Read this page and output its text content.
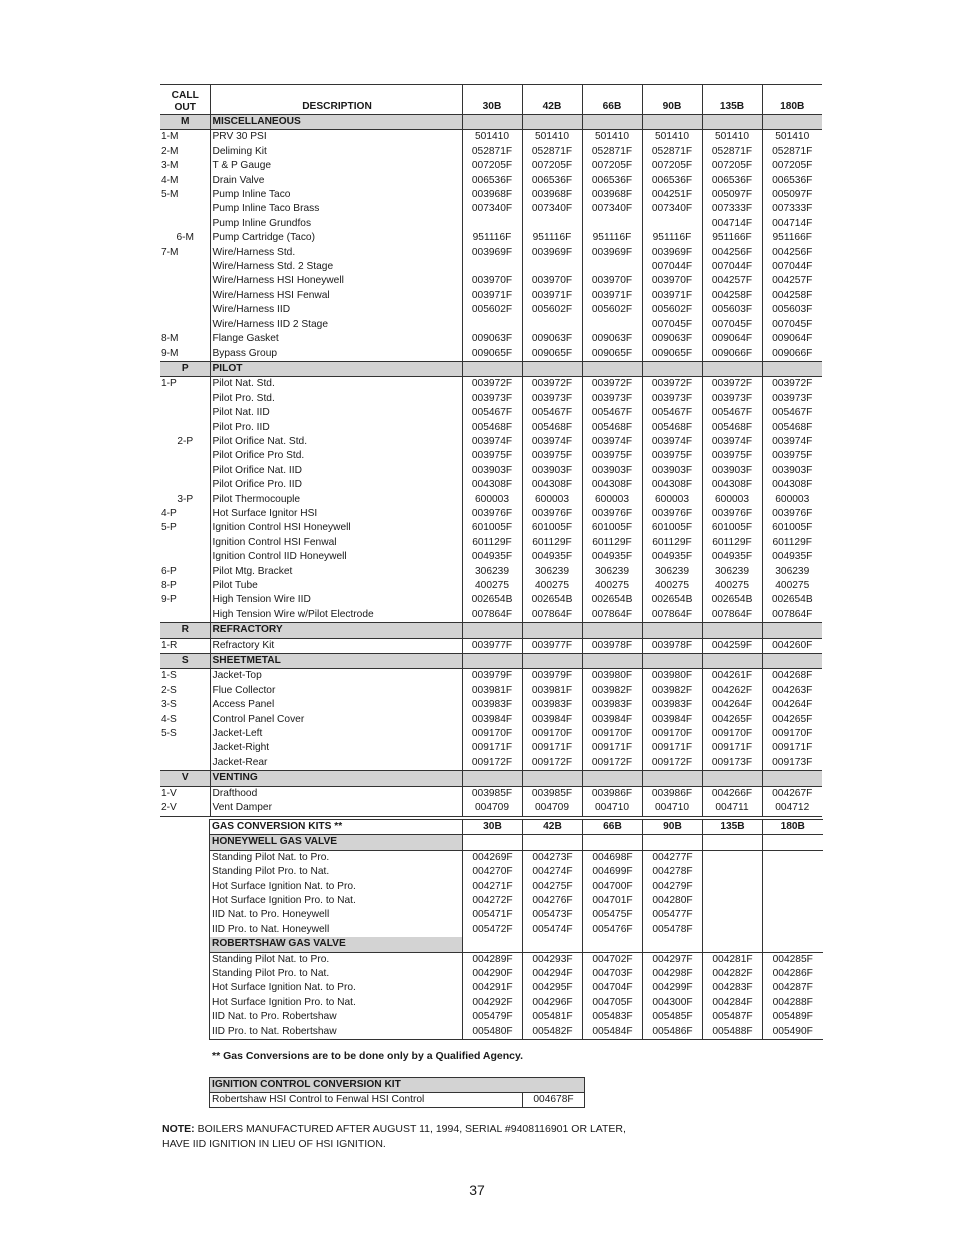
CALL
OUT	DESCRIPTION	30B	42B	66B	90B	135B	180B
M	MISCELLANEOUS						
1-M	PRV 30 PSI	501410	501410	501410	501410	501410	501410
2-M	Deliming Kit	052871F	052871F	052871F	052871F	052871F	052871F
3-M	T & P Gauge	007205F	007205F	007205F	007205F	007205F	007205F
4-M	Drain Valve	006536F	006536F	006536F	006536F	006536F	006536F
5-M	Pump Inline Taco	003968F	003968F	003968F	004251F	005097F	005097F
	Pump Inline Taco Brass	007340F	007340F	007340F	007340F	007333F	007333F
	Pump Inline Grundfos					004714F	004714F
6-M	Pump Cartridge (Taco)	951116F	951116F	951116F	951116F	951166F	951166F
7-M	Wire/Harness Std.	003969F	003969F	003969F	003969F	004256F	004256F
	Wire/Harness Std. 2 Stage				007044F	007044F	007044F
	Wire/Harness HSI Honeywell	003970F	003970F	003970F	003970F	004257F	004257F
	Wire/Harness HSI Fenwal	003971F	003971F	003971F	003971F	004258F	004258F
	Wire/Harness IID	005602F	005602F	005602F	005602F	005603F	005603F
	Wire/Harness IID 2 Stage				007045F	007045F	007045F
8-M	Flange Gasket	009063F	009063F	009063F	009063F	009064F	009064F
9-M	Bypass Group	009065F	009065F	009065F	009065F	009066F	009066F
P	PILOT						
1-P	Pilot Nat. Std.	003972F	003972F	003972F	003972F	003972F	003972F
	Pilot Pro. Std.	003973F	003973F	003973F	003973F	003973F	003973F
	Pilot Nat. IID	005467F	005467F	005467F	005467F	005467F	005467F
	Pilot Pro. IID	005468F	005468F	005468F	005468F	005468F	005468F
2-P	Pilot Orifice Nat. Std.	003974F	003974F	003974F	003974F	003974F	003974F
	Pilot Orifice Pro Std.	003975F	003975F	003975F	003975F	003975F	003975F
	Pilot Orifice Nat. IID	003903F	003903F	003903F	003903F	003903F	003903F
	Pilot Orifice Pro. IID	004308F	004308F	004308F	004308F	004308F	004308F
3-P	Pilot Thermocouple	600003	600003	600003	600003	600003	600003
4-P	Hot Surface Ignitor HSI	003976F	003976F	003976F	003976F	003976F	003976F
5-P	Ignition Control HSI Honeywell	601005F	601005F	601005F	601005F	601005F	601005F
	Ignition Control HSI Fenwal	601129F	601129F	601129F	601129F	601129F	601129F
	Ignition Control IID Honeywell	004935F	004935F	004935F	004935F	004935F	004935F
6-P	Pilot Mtg. Bracket	306239	306239	306239	306239	306239	306239
8-P	Pilot Tube	400275	400275	400275	400275	400275	400275
9-P	High Tension Wire IID	002654B	002654B	002654B	002654B	002654B	002654B
	High Tension Wire w/Pilot Electrode	007864F	007864F	007864F	007864F	007864F	007864F
R	REFRACTORY						
1-R	Refractory Kit	003977F	003977F	003978F	003978F	004259F	004260F
S	SHEETMETAL						
1-S	Jacket-Top	003979F	003979F	003980F	003980F	004261F	004268F
2-S	Flue Collector	003981F	003981F	003982F	003982F	004262F	004263F
3-S	Access Panel	003983F	003983F	003983F	003983F	004264F	004264F
4-S	Control Panel Cover	003984F	003984F	003984F	003984F	004265F	004265F
5-S	Jacket-Left	009170F	009170F	009170F	009170F	009170F	009170F
	Jacket-Right	009171F	009171F	009171F	009171F	009171F	009171F
	Jacket-Rear	009172F	009172F	009172F	009172F	009173F	009173F
V	VENTING						
1-V	Drafthood	003985F	003985F	003986F	003986F	004266F	004267F
2-V	Vent Damper	004709	004709	004710	004710	004711	004712
GAS CONVERSION KITS **	30B	42B	66B	90B	135B	180B
HONEYWELL GAS VALVE						
Standing Pilot Nat. to Pro.	004269F	004273F	004698F	004277F		
Standing Pilot Pro. to Nat.	004270F	004274F	004699F	004278F		
Hot Surface Ignition Nat. to Pro.	004271F	004275F	004700F	004279F		
Hot Surface Ignition Pro. to Nat.	004272F	004276F	004701F	004280F		
IID Nat. to Pro. Honeywell	005471F	005473F	005475F	005477F		
IID Pro. to Nat. Honeywell	005472F	005474F	005476F	005478F		
ROBERTSHAW GAS VALVE						
Standing Pilot Nat. to Pro.	004289F	004293F	004702F	004297F	004281F	004285F
Standing Pilot Pro. to Nat.	004290F	004294F	004703F	004298F	004282F	004286F
Hot Surface Ignition Nat. to Pro.	004291F	004295F	004704F	004299F	004283F	004287F
Hot Surface Ignition Pro. to Nat.	004292F	004296F	004705F	004300F	004284F	004288F
IID Nat. to Pro. Robertshaw	005479F	005481F	005483F	005485F	005487F	005489F
IID Pro. to Nat. Robertshaw	005480F	005482F	005484F	005486F	005488F	005490F
** Gas Conversions are to be done only by a Qualified Agency.
IGNITION CONTROL CONVERSION KIT
Robertshaw HSI Control to Fenwal HSI Control	004678F
NOTE: BOILERS MANUFACTURED AFTER AUGUST 11, 1994, SERIAL #9408116901 OR LATER,
HAVE IID IGNITION IN LIEU OF HSI IGNITION.
37
